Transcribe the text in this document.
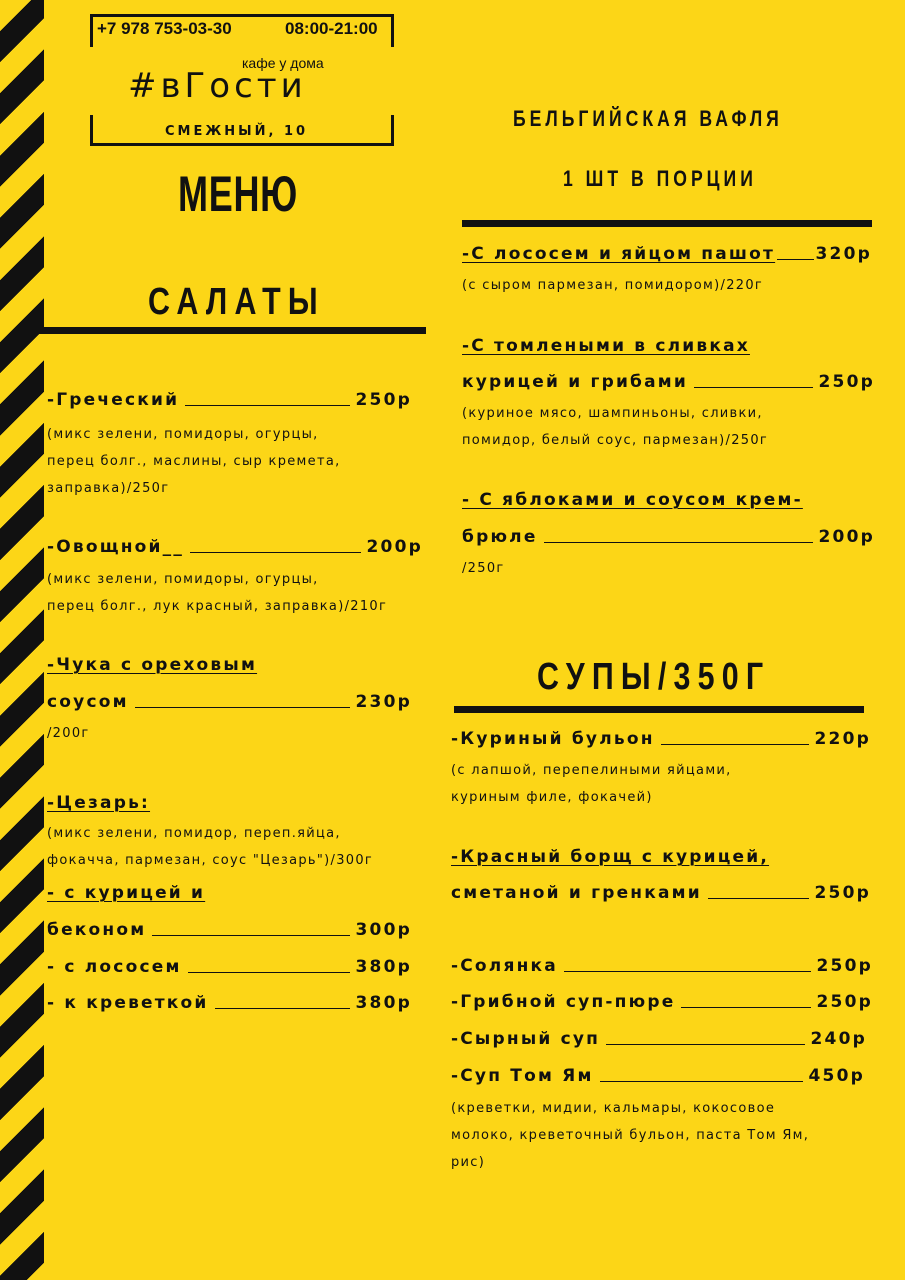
+7 978 753-03-30	08:00-21:00
#вГости
кафе у дома
СМЕЖНЫЙ, 10
МЕНЮ
САЛАТЫ
-Греческий	250р
(микс зелени, помидоры, огурцы,
перец болг., маслины, сыр кремета,
заправка)/250г
-Овощной__	200р
(микс зелени, помидоры, огурцы,
перец болг., лук красный, заправка)/210г
-Чука с ореховым
соусом	230р
/200г
-Цезарь:
(микс зелени, помидор, переп.яйца,
фокачча, пармезан, соус "Цезарь")/300г
- с курицей и
беконом	300р
- с лососем	380р
- к креветкой	380р
БЕЛЬГИЙСКАЯ ВАФЛЯ
1 ШТ В ПОРЦИИ
-С лососем и яйцом пашот 320р
(с сыром пармезан, помидором)/220г
-С томлеными в сливках
курицей и грибами	250р
(куриное мясо, шампиньоны, сливки,
помидор, белый соус, пармезан)/250г
- С яблоками и соусом крем-
брюле	200р
/250г
СУПЫ/350Г
-Куриный бульон	220р
(с лапшой, перепелиными яйцами,
куриным филе, фокачей)
-Красный борщ с курицей,
сметаной и гренками	250р
-Солянка	250р
-Грибной суп-пюре	250р
-Сырный суп	240р
-Суп Том Ям	450р
(креветки, мидии, кальмары, кокосовое
молоко, креветочный бульон, паста Том Ям,
рис)
